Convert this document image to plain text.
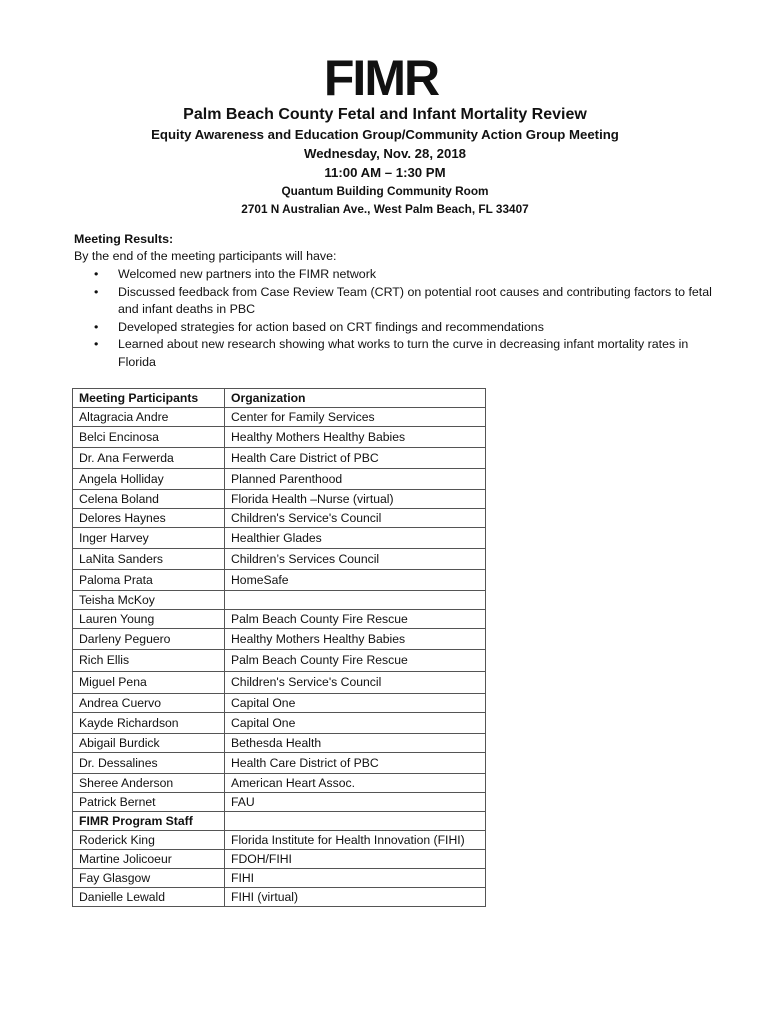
FIMR
Palm Beach County Fetal and Infant Mortality Review
Equity Awareness and Education Group/Community Action Group Meeting
Wednesday, Nov. 28, 2018
11:00 AM – 1:30 PM
Quantum Building Community Room
2701 N Australian Ave., West Palm Beach, FL 33407
Meeting Results:
By the end of the meeting participants will have:
• Welcomed new partners into the FIMR network
• Discussed feedback from Case Review Team (CRT) on potential root causes and contributing factors to fetal and infant deaths in PBC
• Developed strategies for action based on CRT findings and recommendations
• Learned about new research showing what works to turn the curve in decreasing infant mortality rates in Florida
Meeting Participants	Organization
Altagracia Andre	Center for Family Services
Belci Encinosa	Healthy Mothers Healthy Babies
Dr. Ana Ferwerda	Health Care District of PBC
Angela Holliday	Planned Parenthood
Celena Boland	Florida Health –Nurse (virtual)
Delores Haynes	Children's Service's Council
Inger Harvey	Healthier Glades
LaNita Sanders	Children’s Services Council
Paloma Prata	HomeSafe
Teisha McKoy	
Lauren Young	Palm Beach County Fire Rescue
Darleny Peguero	Healthy Mothers Healthy Babies
Rich Ellis	Palm Beach County Fire Rescue
Miguel Pena	Children's Service's Council
Andrea Cuervo	Capital One
Kayde Richardson	Capital One
Abigail Burdick	Bethesda Health
Dr. Dessalines	Health Care District of PBC
Sheree Anderson	American Heart Assoc.
Patrick Bernet	FAU
FIMR Program Staff	
Roderick King	Florida Institute for Health Innovation (FIHI)
Martine Jolicoeur	FDOH/FIHI
Fay Glasgow	FIHI
Danielle Lewald	FIHI (virtual)
